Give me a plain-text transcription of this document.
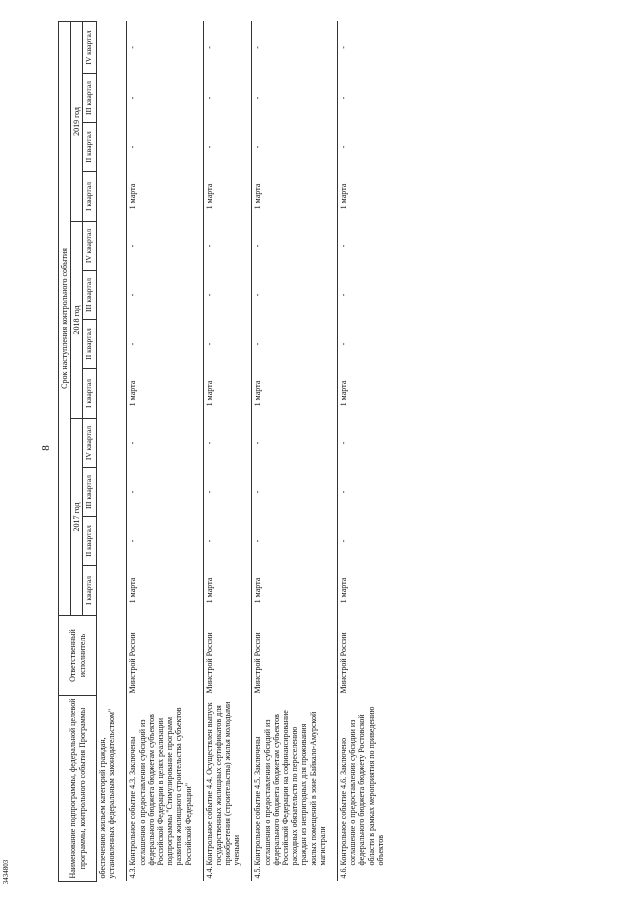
8
3434803	Наименование подпрограммы, федеральной целевой программы, контрольного события Программы		Ответственный исполнитель	Срок наступления контрольного события											
			2017 год				2018 год				2019 год			
			I квартал	II квартал	III квартал	IV квартал	I квартал	II квартал	III квартал	IV квартал	I квартал	II квартал	III квартал	IV квартал
обеспечению жильем категорий граждан, установленных федеральным законодательством"														
4.3.	Контрольное событие 4.3. Заключены соглашения о предоставлении субсидий из федерального бюджета бюджетам субъектов Российской Федерации в целях реализации подпрограммы "Стимулирование программ развития жилищного строительства субъектов Российской Федерации"	Минстрой России	1 марта	-	-	-	1 марта	-	-	-	1 марта	-	-	-
4.4.	Контрольное событие 4.4. Осуществлен выпуск государственных жилищных сертификатов для приобретения (строительства) жилья молодыми учеными	Минстрой России	1 марта	-	-	-	1 марта	-	-	-	1 марта	-	-	-
4.5.	Контрольное событие 4.5. Заключены соглашения о предоставлении субсидий из федерального бюджета бюджетам субъектов Российской Федерации на софинансирование расходных обязательств по переселению граждан из непригодных для проживания жилых помещений в зоне Байкало-Амурской магистрали	Минстрой России	1 марта	-	-	-	1 марта	-	-	-	1 марта	-	-	-
4.6.	Контрольное событие 4.6. Заключено соглашение о предоставлении субсидии из федерального бюджета бюджету Ростовской области в рамках мероприятия по приведению объектов	Минстрой России	1 марта	-	-	-	1 марта	-	-	-	1 марта	-	-	-
